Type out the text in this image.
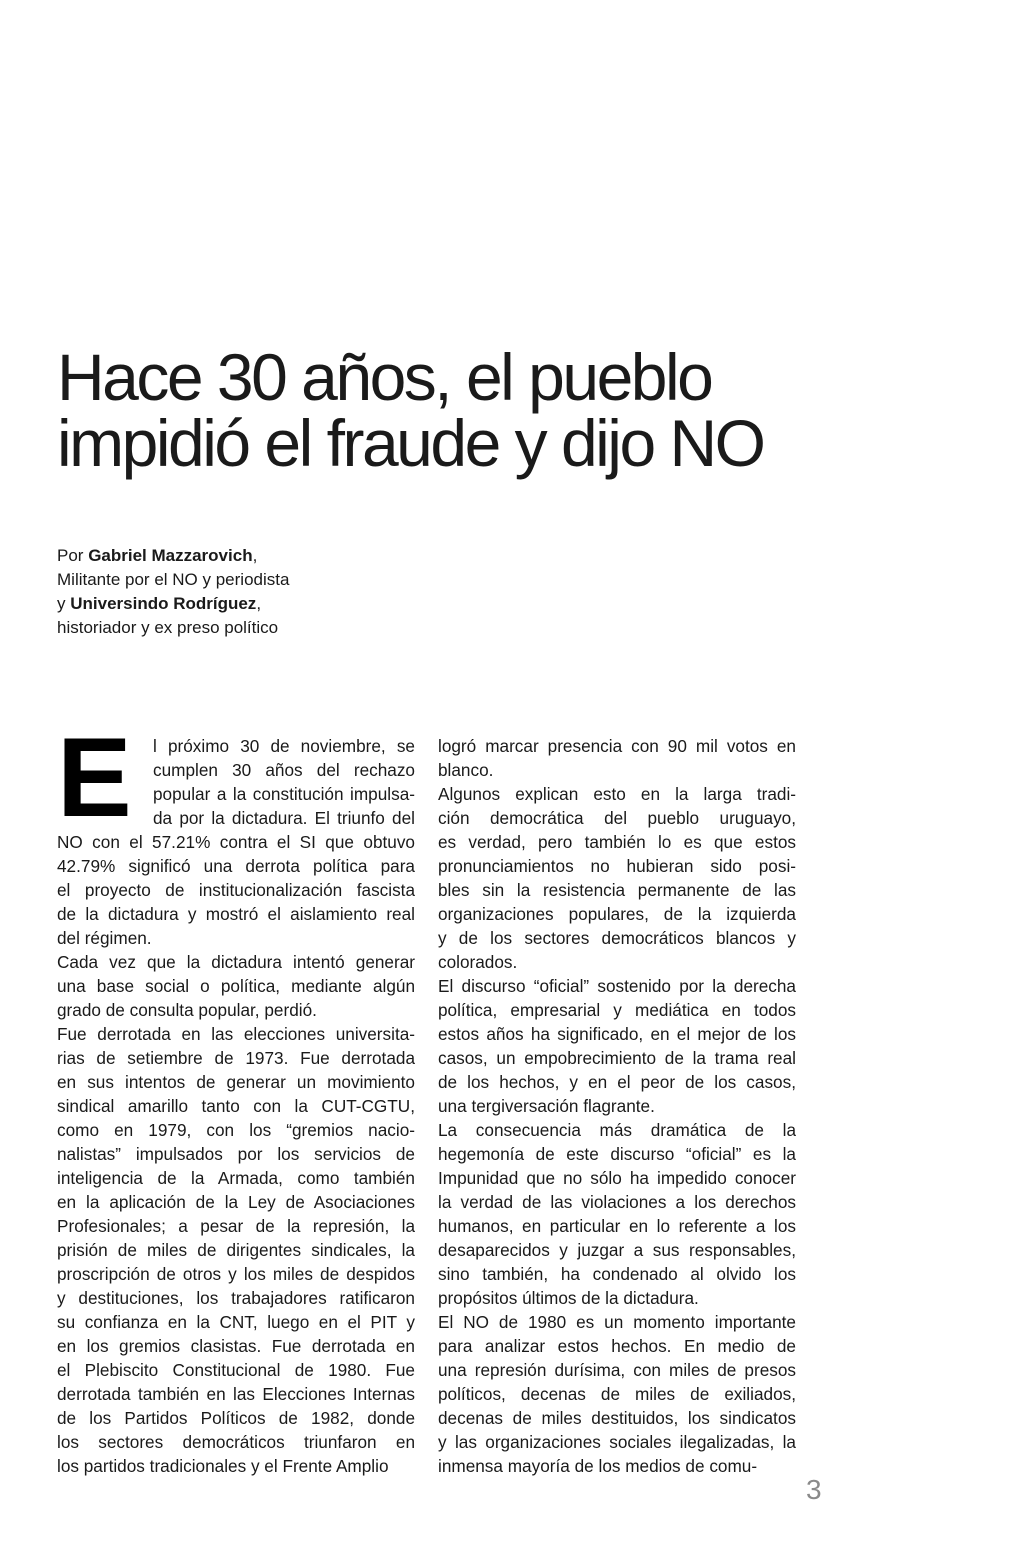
Hace 30 años, el pueblo
impidió el fraude y dijo NO
Por Gabriel Mazzarovich,
Militante por el NO y periodista
y Universindo Rodríguez,
historiador y ex preso político
E	l próximo 30 de noviembre, se
cumplen 30 años del rechazo
popular a la constitución impulsa-
da por la dictadura. El triunfo del
NO con el 57.21% contra el SI que obtuvo
42.79% significó una derrota política para
el proyecto de institucionalización fascista
de la dictadura y mostró el aislamiento real
del régimen.
Cada vez que la dictadura intentó generar
una base social o política, mediante algún
grado de consulta popular, perdió.
Fue derrotada en las elecciones universita-
rias de setiembre de 1973. Fue derrotada
en sus intentos de generar un movimiento
sindical amarillo tanto con la CUT-CGTU,
como en 1979, con los “gremios nacio-
nalistas” impulsados por los servicios de
inteligencia de la Armada, como también
en la aplicación de la Ley de Asociaciones
Profesionales; a pesar de la represión, la
prisión de miles de dirigentes sindicales, la
proscripción de otros y los miles de despidos
y destituciones, los trabajadores ratificaron
su confianza en la CNT, luego en el PIT y
en los gremios clasistas. Fue derrotada en
el Plebiscito Constitucional de 1980. Fue
derrotada también en las Elecciones Internas
de los Partidos Políticos de 1982, donde
los sectores democráticos triunfaron en
los partidos tradicionales y el Frente Amplio
logró marcar presencia con 90 mil votos en
blanco.
Algunos explican esto en la larga tradi-
ción democrática del pueblo uruguayo,
es verdad, pero también lo es que estos
pronunciamientos no hubieran sido posi-
bles sin la resistencia permanente de las
organizaciones populares, de la izquierda
y de los sectores democráticos blancos y
colorados.
El discurso “oficial” sostenido por la derecha
política, empresarial y mediática en todos
estos años ha significado, en el mejor de los
casos, un empobrecimiento de la trama real
de los hechos, y en el peor de los casos,
una tergiversación flagrante.
La consecuencia más dramática de la
hegemonía de este discurso “oficial” es la
Impunidad que no sólo ha impedido conocer
la verdad de las violaciones a los derechos
humanos, en particular en lo referente a los
desaparecidos y juzgar a sus responsables,
sino también, ha condenado al olvido los
propósitos últimos de la dictadura.
El NO de 1980 es un momento importante
para analizar estos hechos. En medio de
una represión durísima, con miles de presos
políticos, decenas de miles de exiliados,
decenas de miles destituidos, los sindicatos
y las organizaciones sociales ilegalizadas, la
inmensa mayoría de los medios de comu-
3
